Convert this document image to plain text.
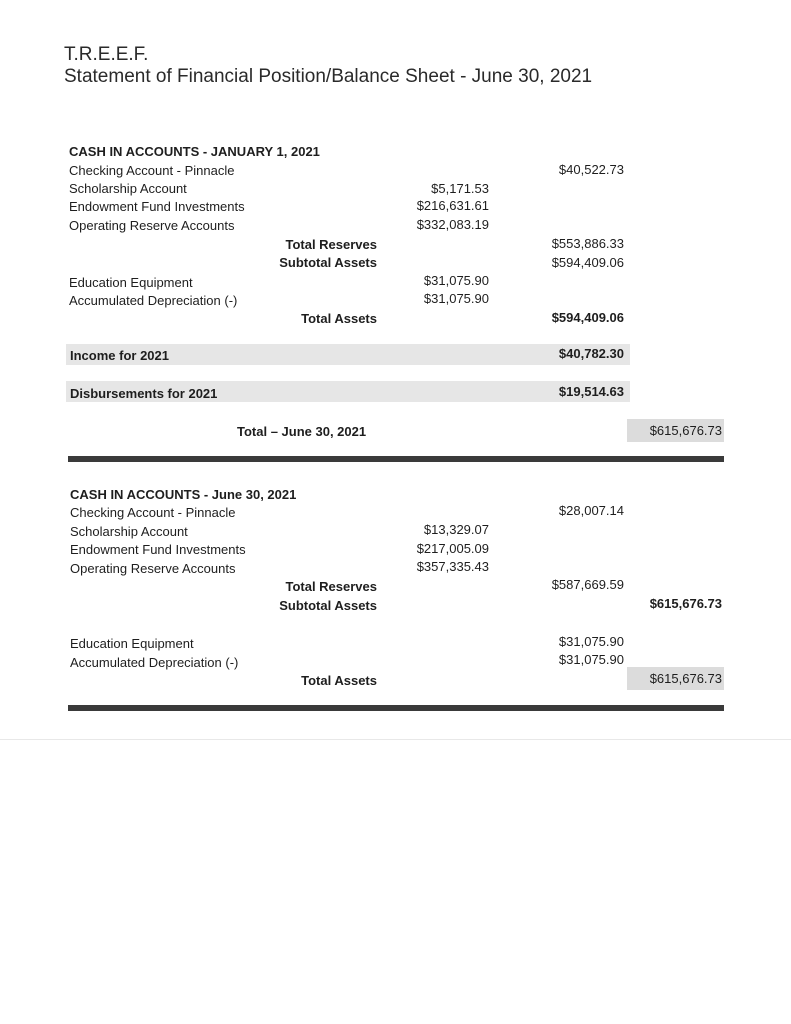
T.R.E.E.F.
Statement of Financial Position/Balance Sheet - June 30, 2021
CASH IN ACCOUNTS - JANUARY 1, 2021
Checking Account - Pinnacle	$40,522.73
Scholarship Account	$5,171.53
Endowment Fund Investments	$216,631.61
Operating Reserve Accounts	$332,083.19
Total Reserves	$553,886.33
Subtotal Assets	$594,409.06
Education Equipment	$31,075.90
Accumulated Depreciation (-)	$31,075.90
Total Assets	$594,409.06
Income for 2021	$40,782.30
Disbursements for 2021	$19,514.63
Total – June 30, 2021	$615,676.73
CASH IN ACCOUNTS - June 30, 2021
Checking Account - Pinnacle	$28,007.14
Scholarship Account	$13,329.07
Endowment Fund Investments	$217,005.09
Operating Reserve Accounts	$357,335.43
Total Reserves	$587,669.59
Subtotal Assets	$615,676.73
Education Equipment	$31,075.90
Accumulated Depreciation (-)	$31,075.90
Total Assets	$615,676.73
